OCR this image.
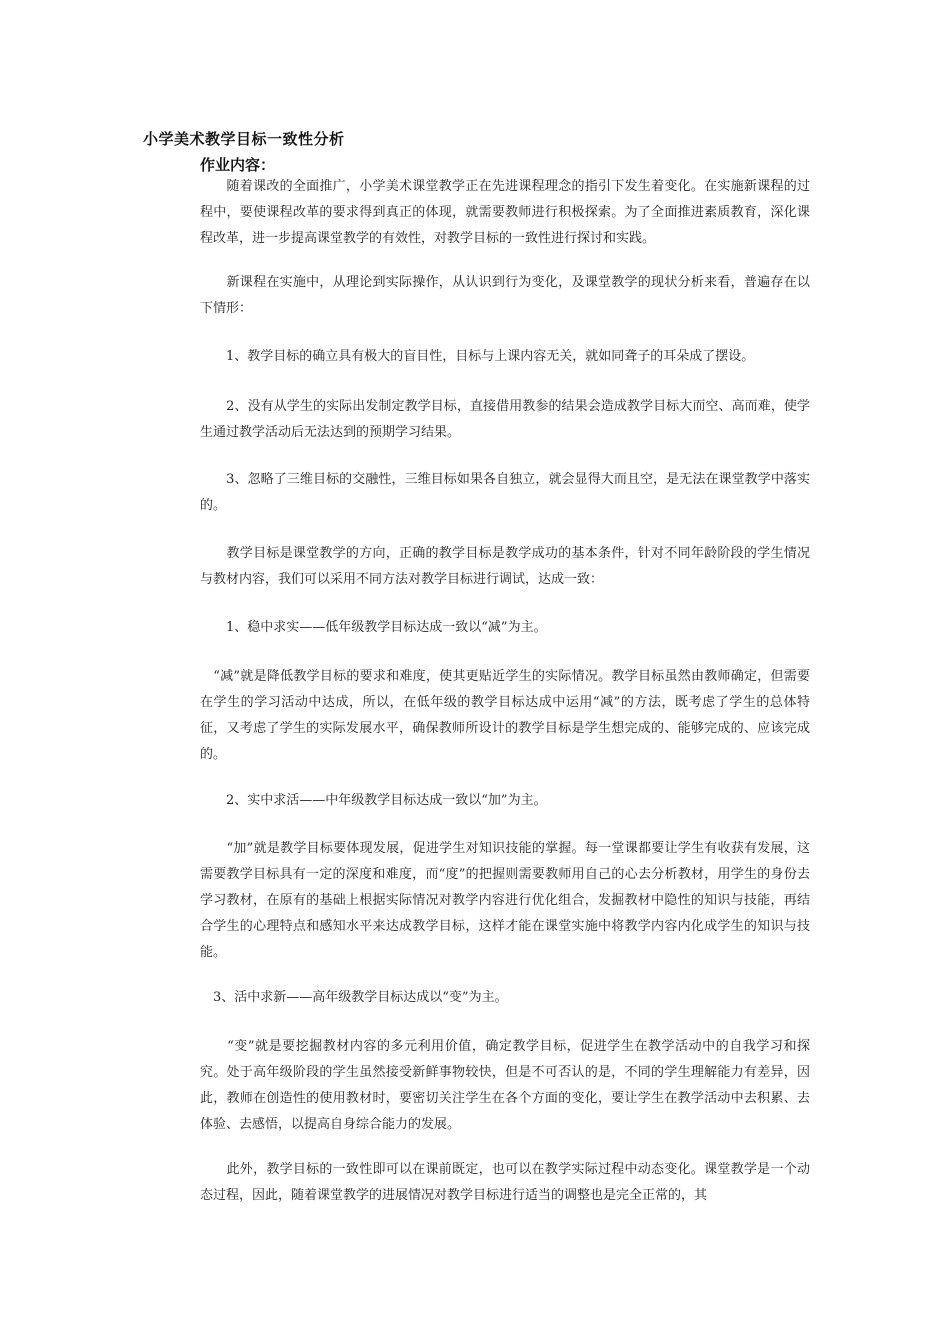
小学美术教学目标一致性分析
作业内容：

　　随着课改的全面推广，小学美术课堂教学正在先进课程理念的指引下发生着变化。在实施新课程的过程中，要使课程改革的要求得到真正的体现，就需要教师进行积极探索。为了全面推进素质教育，深化课程改革，进一步提高课堂教学的有效性，对教学目标的一致性进行探讨和实践。

　　新课程在实施中，从理论到实际操作，从认识到行为变化，及课堂教学的现状分析来看，普遍存在以下情形：

　　1、教学目标的确立具有极大的盲目性，目标与上课内容无关，就如同聋子的耳朵成了摆设。

　　2、没有从学生的实际出发制定教学目标，直接借用教参的结果会造成教学目标大而空、高而难，使学生通过教学活动后无法达到的预期学习结果。

　　3、忽略了三维目标的交融性，三维目标如果各自独立，就会显得大而且空，是无法在课堂教学中落实的。

　　教学目标是课堂教学的方向，正确的教学目标是教学成功的基本条件，针对不同年龄阶段的学生情况与教材内容，我们可以采用不同方法对教学目标进行调试，达成一致：

　　1、稳中求实——低年级教学目标达成一致以“减”为主。

　“减”就是降低教学目标的要求和难度，使其更贴近学生的实际情况。教学目标虽然由教师确定，但需要在学生的学习活动中达成，所以，在低年级的教学目标达成中运用“减”的方法，既考虑了学生的总体特征，又考虑了学生的实际发展水平，确保教师所设计的教学目标是学生想完成的、能够完成的、应该完成的。

　　2、实中求活——中年级教学目标达成一致以“加”为主。

　　“加”就是教学目标要体现发展，促进学生对知识技能的掌握。每一堂课都要让学生有收获有发展，这需要教学目标具有一定的深度和难度，而“度”的把握则需要教师用自己的心去分析教材，用学生的身份去学习教材，在原有的基础上根据实际情况对教学内容进行优化组合，发掘教材中隐性的知识与技能，再结合学生的心理特点和感知水平来达成教学目标，这样才能在课堂实施中将教学内容内化成学生的知识与技能。

　3、活中求新——高年级教学目标达成以“变”为主。

　　“变”就是要挖掘教材内容的多元利用价值，确定教学目标，促进学生在教学活动中的自我学习和探究。处于高年级阶段的学生虽然接受新鲜事物较快，但是不可否认的是，不同的学生理解能力有差异，因此，教师在创造性的使用教材时，要密切关注学生在各个方面的变化，要让学生在教学活动中去积累、去体验、去感悟，以提高自身综合能力的发展。

　　此外，教学目标的一致性即可以在课前既定，也可以在教学实际过程中动态变化。课堂教学是一个动态过程，因此，随着课堂教学的进展情况对教学目标进行适当的调整也是完全正常的，其
